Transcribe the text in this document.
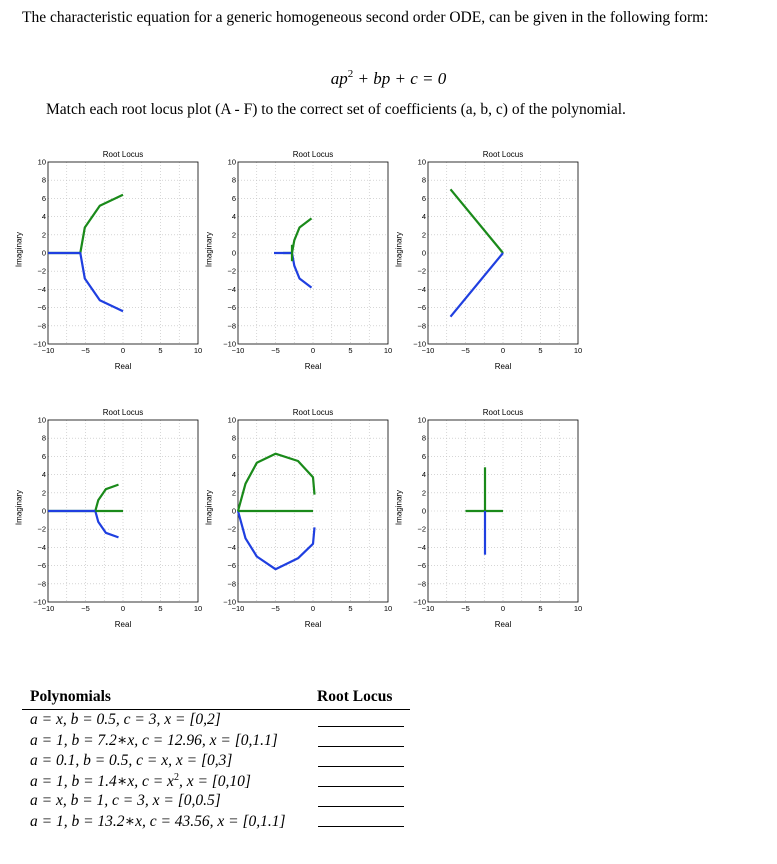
The characteristic equation for a generic homogeneous second order ODE, can be given in the following form:
$ap^2$ + bp + c = 0
Match each root locus plot (A - F) to the correct set of coefficients (a, b, c) of the polynomial.
Root Locus
Imaginary
Real
−10	−5	0	5	10
10
8
6
4
2
0
−2
−4
−6
−8
−10
Root Locus
Imaginary
Real
−10	−5	0	5	10
10
8
6
4
2
0
−2
−4
−6
−8
−10
Root Locus
Imaginary
Real
−10	−5	0	5	10
10
8
6
4
2
0
−2
−4
−6
−8
−10
Root Locus
Imaginary
Real
−10	−5	0	5	10
10
8
6
4
2
0
−2
−4
−6
−8
−10
Root Locus
Imaginary
Real
−10	−5	0	5	10
10
8
6
4
2
0
−2
−4
−6
−8
−10
Root Locus
Imaginary
Real
−10	−5	0	5	10
10
8
6
4
2
0
−2
−4
−6
−8
−10
Polynomials	Root Locus
a = x, b = 0.5, c = 3, x = [0,2]
a = 1, b = 7.2∗x, c = 12.96, x = [0,1.1]
a = 0.1, b = 0.5, c = x, x = [0,3]
a = 1, b = 1.4∗x, $c = x^2$, x = [0,10]
a = x, b = 1, c = 3, x = [0,0.5]
a = 1, b = 13.2∗x, c = 43.56, x = [0,1.1]
